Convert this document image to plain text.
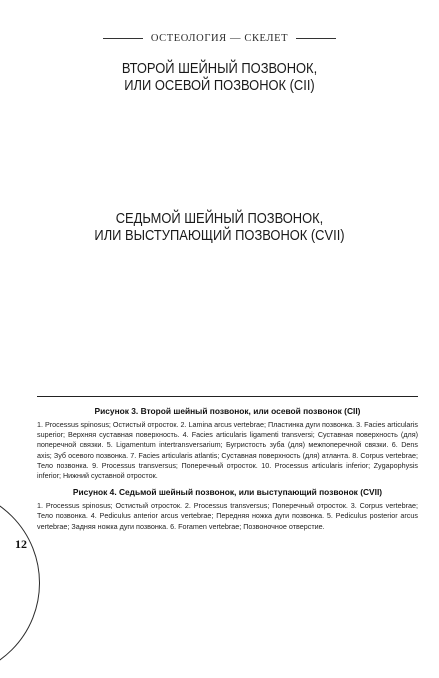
ОСТЕОЛОГИЯ — СКЕЛЕТ
ВТОРОЙ ШЕЙНЫЙ ПОЗВОНОК,
ИЛИ ОСЕВОЙ ПОЗВОНОК (CII)
СЕДЬМОЙ ШЕЙНЫЙ ПОЗВОНОК,
ИЛИ ВЫСТУПАЮЩИЙ ПОЗВОНОК (CVII)

Рисунок 3. Второй шейный позвонок, или осевой позвонок (CII)

1. Processus spinosus; Остистый отросток. 2. Lamina arcus vertebrae; Пластинка дуги позвонка. 3. Facies articularis superior; Верхняя суставная поверхность. 4. Facies articularis ligamenti transversi; Суставная поверхность (для) поперечной связки. 5. Ligamentum intertransversarium; Бугристость зуба (для) межпоперечной связки. 6. Dens axis; Зуб осевого позвонка. 7. Facies articularis atlantis; Суставная поверхность (для) атланта. 8. Corpus vertebrae; Тело позвонка. 9. Processus transversus; Поперечный отросток. 10. Processus articularis inferior; Zygapophysis inferior; Нижний суставной отросток.

Рисунок 4. Седьмой шейный позвонок, или выступающий позвонок (CVII)

1. Processus spinosus; Остистый отросток. 2. Processus transversus; Поперечный отросток. 3. Corpus vertebrae; Тело позвонка. 4. Pediculus anterior arcus vertebrae; Передняя ножка дуги позвонка. 5. Pediculus posterior arcus vertebrae; Задняя ножка дуги позвонка. 6. Foramen vertebrae; Позвоночное отверстие.

12
